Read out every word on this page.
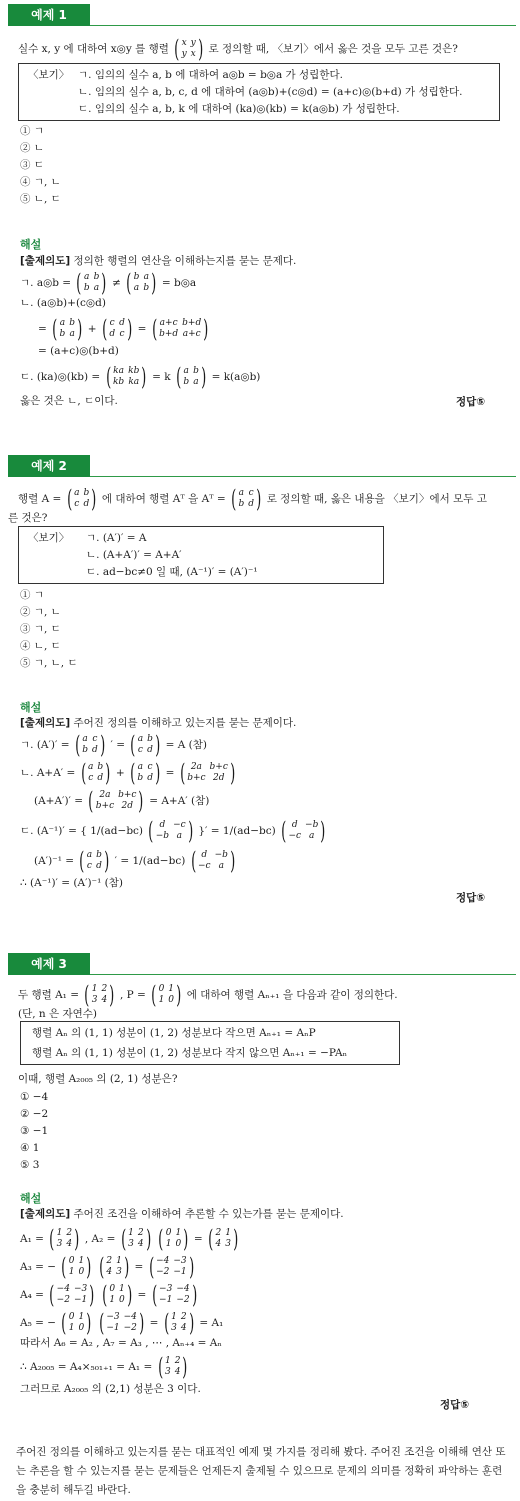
예제 1
실수 x, y 에 대하여 x◎y 를 행렬 ( x y
y x ) 로 정의할 때, 〈보기〉에서 옳은 것을 모두 고른 것은?
〈보기〉 ㄱ. 임의의 실수 a, b 에 대하여 a◎b = b◎a 가 성립한다.
ㄴ. 임의의 실수 a, b, c, d 에 대하여 (a◎b)+(c◎d) = (a+c)◎(b+d) 가 성립한다.
ㄷ. 임의의 실수 a, b, k 에 대하여 (ka)◎(kb) = k(a◎b) 가 성립한다.
① ㄱ
② ㄴ
③ ㄷ
④ ㄱ, ㄴ
⑤ ㄴ, ㄷ
해설
[출제의도] 정의한 행렬의 연산을 이해하는지를 묻는 문제다.
ㄱ. a◎b = ( a b
b a ) ≠ ( b a
a b ) = b◎a
ㄴ. (a◎b)+(c◎d)
= ( a b
b a ) + ( c d
d c ) = ( a+c b+d
b+d a+c )
= (a+c)◎(b+d)
ㄷ. (ka)◎(kb) = ( ka kb
kb ka ) = k ( a b
b a ) = k(a◎b)
옳은 것은 ㄴ, ㄷ이다.	정답⑤
예제 2
행렬 A = ( a b
c d ) 에 대하여 행렬 Aᵀ 을 Aᵀ = ( a c
b d ) 로 정의할 때, 옳은 내용을 〈보기〉에서 모두 고
른 것은?
〈보기〉 ㄱ. (A′)′ = A
ㄴ. (A+A′)′ = A+A′
ㄷ. ad−bc≠0 일 때, (A⁻¹)′ = (A′)⁻¹
① ㄱ
② ㄱ, ㄴ
③ ㄱ, ㄷ
④ ㄴ, ㄷ
⑤ ㄱ, ㄴ, ㄷ
해설
[출제의도] 주어진 정의를 이해하고 있는지를 묻는 문제이다.
ㄱ. (A′)′ = ( a c
b d ) ′ = ( a b
c d ) = A (참)
ㄴ. A+A′ = ( a b
c d ) + ( a c
b d ) = ( 2a b+c
b+c 2d )
(A+A′)′ = ( 2a b+c
b+c 2d ) = A+A′ (참)
ㄷ. (A⁻¹)′ = { 1/(ad−bc) ( d −c
−b a ) }′ = 1/(ad−bc) ( d −b
−c a )
(A′)⁻¹ = ( a b
c d ) ′ = 1/(ad−bc) ( d −b
−c a )
∴ (A⁻¹)′ = (A′)⁻¹ (참)
정답⑤
예제 3
두 행렬 A₁ = ( 1 2
3 4 ) , P = ( 0 1
1 0 ) 에 대하여 행렬 Aₙ₊₁ 을 다음과 같이 정의한다.
(단, n 은 자연수)
행렬 Aₙ 의 (1, 1) 성분이 (1, 2) 성분보다 작으면 Aₙ₊₁ = AₙP
행렬 Aₙ 의 (1, 1) 성분이 (1, 2) 성분보다 작지 않으면 Aₙ₊₁ = −PAₙ
이때, 행렬 A₂₀₀₅ 의 (2, 1) 성분은?
① −4
② −2
③ −1
④ 1
⑤ 3
해설
[출제의도] 주어진 조건을 이해하여 추론할 수 있는가를 묻는 문제이다.
A₁ = ( 1 2
3 4 ) , A₂ = ( 1 2
3 4 )
( 0 1
1 0 ) = ( 2 1
4 3 )
A₃ = − ( 0 1
1 0 )
( 2 1
4 3 ) = ( −4 −3
−2 −1 )
A₄ = ( −4 −3
−2 −1 )
( 0 1
1 0 ) = ( −3 −4
−1 −2 )
A₅ = − ( 0 1
1 0 )
( −3 −4
−1 −2 ) = ( 1 2
3 4 ) = A₁
따라서 A₆ = A₂ , A₇ = A₃ , ⋯ , Aₙ₊₄ = Aₙ
∴ A₂₀₀₅ = A₄×₅₀₁₊₁ = A₁ = ( 1 2
3 4 )
그러므로 A₂₀₀₅ 의 (2,1) 성분은 3 이다.
정답⑤
주어진 정의를 이해하고 있는지를 묻는 대표적인 예제 몇 가지를 정리해 봤다. 주어진 조건을 이해해 연산 또는 추론을 할 수 있는지를 묻는 문제들은 언제든지 출제될 수 있으므로 문제의 의미를 정확히 파악하는 훈련을 충분히 해두길 바란다.
